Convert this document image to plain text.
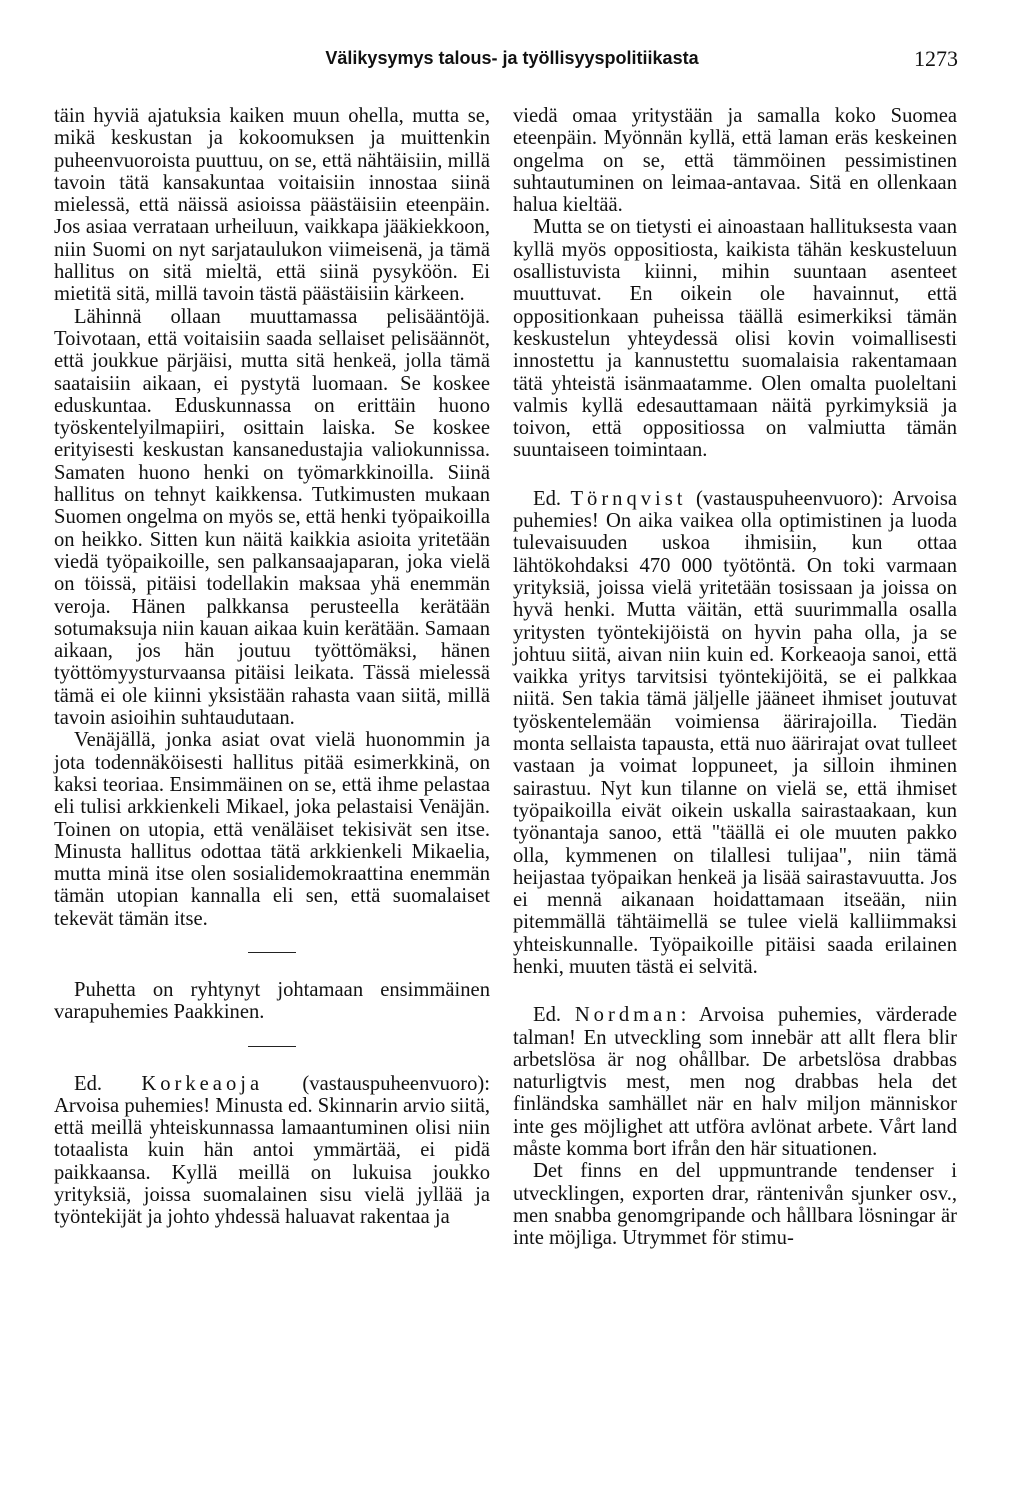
Välikysymys talous- ja työllisyyspolitiikasta	1273

täin hyviä ajatuksia kaiken muun ohella, mutta se, mikä keskustan ja kokoomuksen ja muittenkin puheenvuoroista puuttuu, on se, että nähtäisiin, millä tavoin tätä kansakuntaa voitaisiin innostaa siinä mielessä, että näissä asioissa päästäisiin eteenpäin. Jos asiaa verrataan urheiluun, vaikkapa jääkiekkoon, niin Suomi on nyt sarjataulukon viimeisenä, ja tämä hallitus on sitä mieltä, että siinä pysyköön. Ei mietitä sitä, millä tavoin tästä päästäisiin kärkeen.

Lähinnä ollaan muuttamassa pelisääntöjä. Toivotaan, että voitaisiin saada sellaiset pelisäännöt, että joukkue pärjäisi, mutta sitä henkeä, jolla tämä saataisiin aikaan, ei pystytä luomaan. Se koskee eduskuntaa. Eduskunnassa on erittäin huono työskentelyilmapiiri, osittain laiska. Se koskee erityisesti keskustan kansanedustajia valiokunnissa. Samaten huono henki on työmarkkinoilla. Siinä hallitus on tehnyt kaikkensa. Tutkimusten mukaan Suomen ongelma on myös se, että henki työpaikoilla on heikko. Sitten kun näitä kaikkia asioita yritetään viedä työpaikoille, sen palkansaajaparan, joka vielä on töissä, pitäisi todellakin maksaa yhä enemmän veroja. Hänen palkkansa perusteella kerätään sotumaksuja niin kauan aikaa kuin kerätään. Samaan aikaan, jos hän joutuu työttömäksi, hänen työttömyysturvaansa pitäisi leikata. Tässä mielessä tämä ei ole kiinni yksistään rahasta vaan siitä, millä tavoin asioihin suhtaudutaan.

Venäjällä, jonka asiat ovat vielä huonommin ja jota todennäköisesti hallitus pitää esimerkkinä, on kaksi teoriaa. Ensimmäinen on se, että ihme pelastaa eli tulisi arkkienkeli Mikael, joka pelastaisi Venäjän. Toinen on utopia, että venäläiset tekisivät sen itse. Minusta hallitus odottaa tätä arkkienkeli Mikaelia, mutta minä itse olen sosialidemokraattina enemmän tämän utopian kannalla eli sen, että suomalaiset tekevät tämän itse.

Puhetta on ryhtynyt johtamaan ensimmäinen varapuhemies Paakkinen.

Ed. Korkeaoja (vastauspuheenvuoro): Arvoisa puhemies! Minusta ed. Skinnarin arvio siitä, että meillä yhteiskunnassa lamaantuminen olisi niin totaalista kuin hän antoi ymmärtää, ei pidä paikkaansa. Kyllä meillä on lukuisa joukko yrityksiä, joissa suomalainen sisu vielä jyllää ja työntekijät ja johto yhdessä haluavat rakentaa ja

viedä omaa yritystään ja samalla koko Suomea eteenpäin. Myönnän kyllä, että laman eräs keskeinen ongelma on se, että tämmöinen pessimistinen suhtautuminen on leimaa-antavaa. Sitä en ollenkaan halua kieltää.

Mutta se on tietysti ei ainoastaan hallituksesta vaan kyllä myös oppositiosta, kaikista tähän keskusteluun osallistuvista kiinni, mihin suuntaan asenteet muuttuvat. En oikein ole havainnut, että oppositionkaan puheissa täällä esimerkiksi tämän keskustelun yhteydessä olisi kovin voimallisesti innostettu ja kannustettu suomalaisia rakentamaan tätä yhteistä isänmaatamme. Olen omalta puoleltani valmis kyllä edesauttamaan näitä pyrkimyksiä ja toivon, että oppositiossa on valmiutta tämän suuntaiseen toimintaan.

Ed. Törnqvist (vastauspuheenvuoro): Arvoisa puhemies! On aika vaikea olla optimistinen ja luoda tulevaisuuden uskoa ihmisiin, kun ottaa lähtökohdaksi 470 000 työtöntä. On toki varmaan yrityksiä, joissa vielä yritetään tosissaan ja joissa on hyvä henki. Mutta väitän, että suurimmalla osalla yritysten työntekijöistä on hyvin paha olla, ja se johtuu siitä, aivan niin kuin ed. Korkeaoja sanoi, että vaikka yritys tarvitsisi työntekijöitä, se ei palkkaa niitä. Sen takia tämä jäljelle jääneet ihmiset joutuvat työskentelemään voimiensa äärirajoilla. Tiedän monta sellaista tapausta, että nuo äärirajat ovat tulleet vastaan ja voimat loppuneet, ja silloin ihminen sairastuu. Nyt kun tilanne on vielä se, että ihmiset työpaikoilla eivät oikein uskalla sairastaakaan, kun työnantaja sanoo, että "täällä ei ole muuten pakko olla, kymmenen on tilallesi tulijaa", niin tämä heijastaa työpaikan henkeä ja lisää sairastavuutta. Jos ei mennä aikanaan hoidattamaan itseään, niin pitemmällä tähtäimellä se tulee vielä kalliimmaksi yhteiskunnalle. Työpaikoille pitäisi saada erilainen henki, muuten tästä ei selvitä.

Ed. Nordman: Arvoisa puhemies, värderade talman! En utveckling som innebär att allt flera blir arbetslösa är nog ohållbar. De arbetslösa drabbas naturligtvis mest, men nog drabbas hela det finländska samhället när en halv miljon människor inte ges möjlighet att utföra avlönat arbete. Vårt land måste komma bort ifrån den här situationen.

Det finns en del uppmuntrande tendenser i utvecklingen, exporten drar, räntenivån sjunker osv., men snabba genomgripande och hållbara lösningar är inte möjliga. Utrymmet för stimu-
